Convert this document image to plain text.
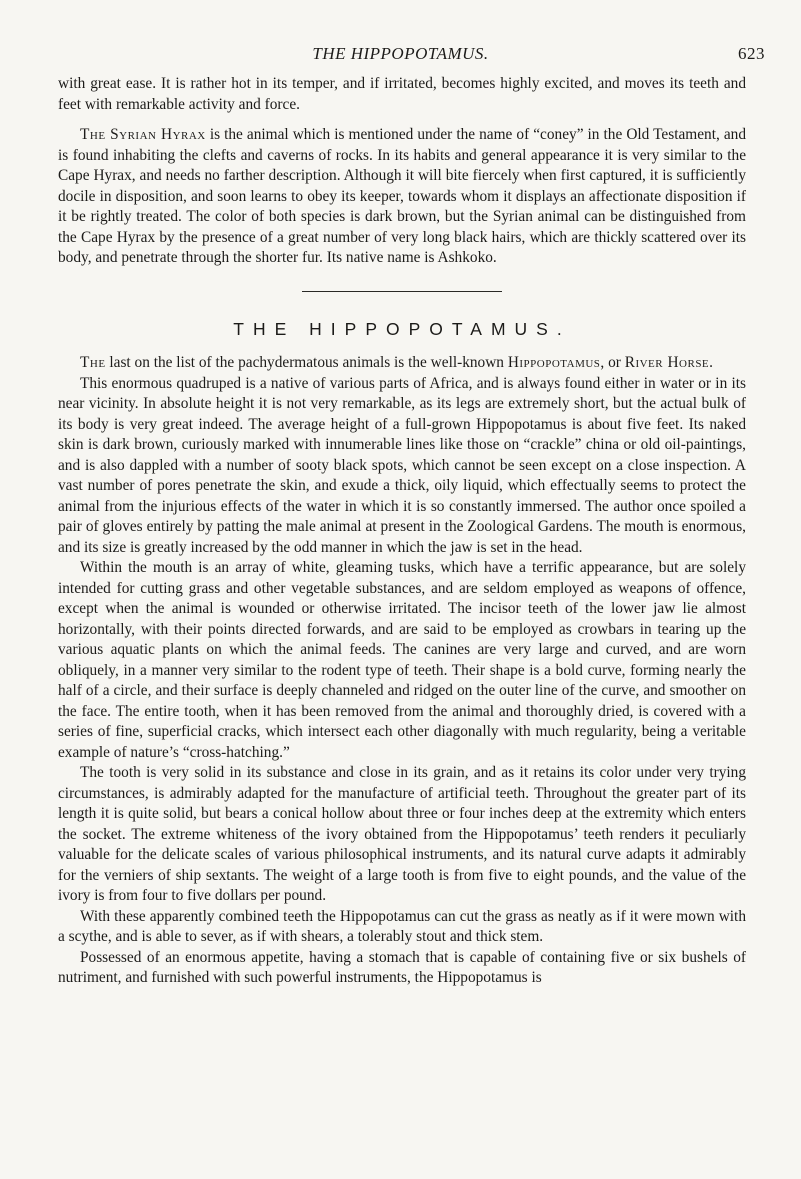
THE HIPPOPOTAMUS.	623

with great ease. It is rather hot in its temper, and if irritated, becomes highly excited, and moves its teeth and feet with remarkable activity and force.

The Syrian Hyrax is the animal which is mentioned under the name of “coney” in the Old Testament, and is found inhabiting the clefts and caverns of rocks. In its habits and general appearance it is very similar to the Cape Hyrax, and needs no farther description. Although it will bite fiercely when first captured, it is sufficiently docile in disposition, and soon learns to obey its keeper, towards whom it displays an affectionate disposition if it be rightly treated. The color of both species is dark brown, but the Syrian animal can be distinguished from the Cape Hyrax by the presence of a great number of very long black hairs, which are thickly scattered over its body, and penetrate through the shorter fur. Its native name is Ashkoko.

THE HIPPOPOTAMUS.

The last on the list of the pachydermatous animals is the well-known Hippopotamus, or River Horse.

This enormous quadruped is a native of various parts of Africa, and is always found either in water or in its near vicinity. In absolute height it is not very remarkable, as its legs are extremely short, but the actual bulk of its body is very great indeed. The average height of a full-grown Hippopotamus is about five feet. Its naked skin is dark brown, curiously marked with innumerable lines like those on “crackle” china or old oil-paintings, and is also dappled with a number of sooty black spots, which cannot be seen except on a close inspection. A vast number of pores penetrate the skin, and exude a thick, oily liquid, which effectually seems to protect the animal from the injurious effects of the water in which it is so constantly immersed. The author once spoiled a pair of gloves entirely by patting the male animal at present in the Zoological Gardens. The mouth is enormous, and its size is greatly increased by the odd manner in which the jaw is set in the head.

Within the mouth is an array of white, gleaming tusks, which have a terrific appearance, but are solely intended for cutting grass and other vegetable substances, and are seldom employed as weapons of offence, except when the animal is wounded or otherwise irritated. The incisor teeth of the lower jaw lie almost horizontally, with their points directed forwards, and are said to be employed as crowbars in tearing up the various aquatic plants on which the animal feeds. The canines are very large and curved, and are worn obliquely, in a manner very similar to the rodent type of teeth. Their shape is a bold curve, forming nearly the half of a circle, and their surface is deeply channeled and ridged on the outer line of the curve, and smoother on the face. The entire tooth, when it has been removed from the animal and thoroughly dried, is covered with a series of fine, superficial cracks, which intersect each other diagonally with much regularity, being a veritable example of nature’s “cross-hatching.”

The tooth is very solid in its substance and close in its grain, and as it retains its color under very trying circumstances, is admirably adapted for the manufacture of artificial teeth. Throughout the greater part of its length it is quite solid, but bears a conical hollow about three or four inches deep at the extremity which enters the socket. The extreme whiteness of the ivory obtained from the Hippopotamus’ teeth renders it peculiarly valuable for the delicate scales of various philosophical instruments, and its natural curve adapts it admirably for the verniers of ship sextants. The weight of a large tooth is from five to eight pounds, and the value of the ivory is from four to five dollars per pound.

With these apparently combined teeth the Hippopotamus can cut the grass as neatly as if it were mown with a scythe, and is able to sever, as if with shears, a tolerably stout and thick stem.

Possessed of an enormous appetite, having a stomach that is capable of containing five or six bushels of nutriment, and furnished with such powerful instruments, the Hippopotamus is
